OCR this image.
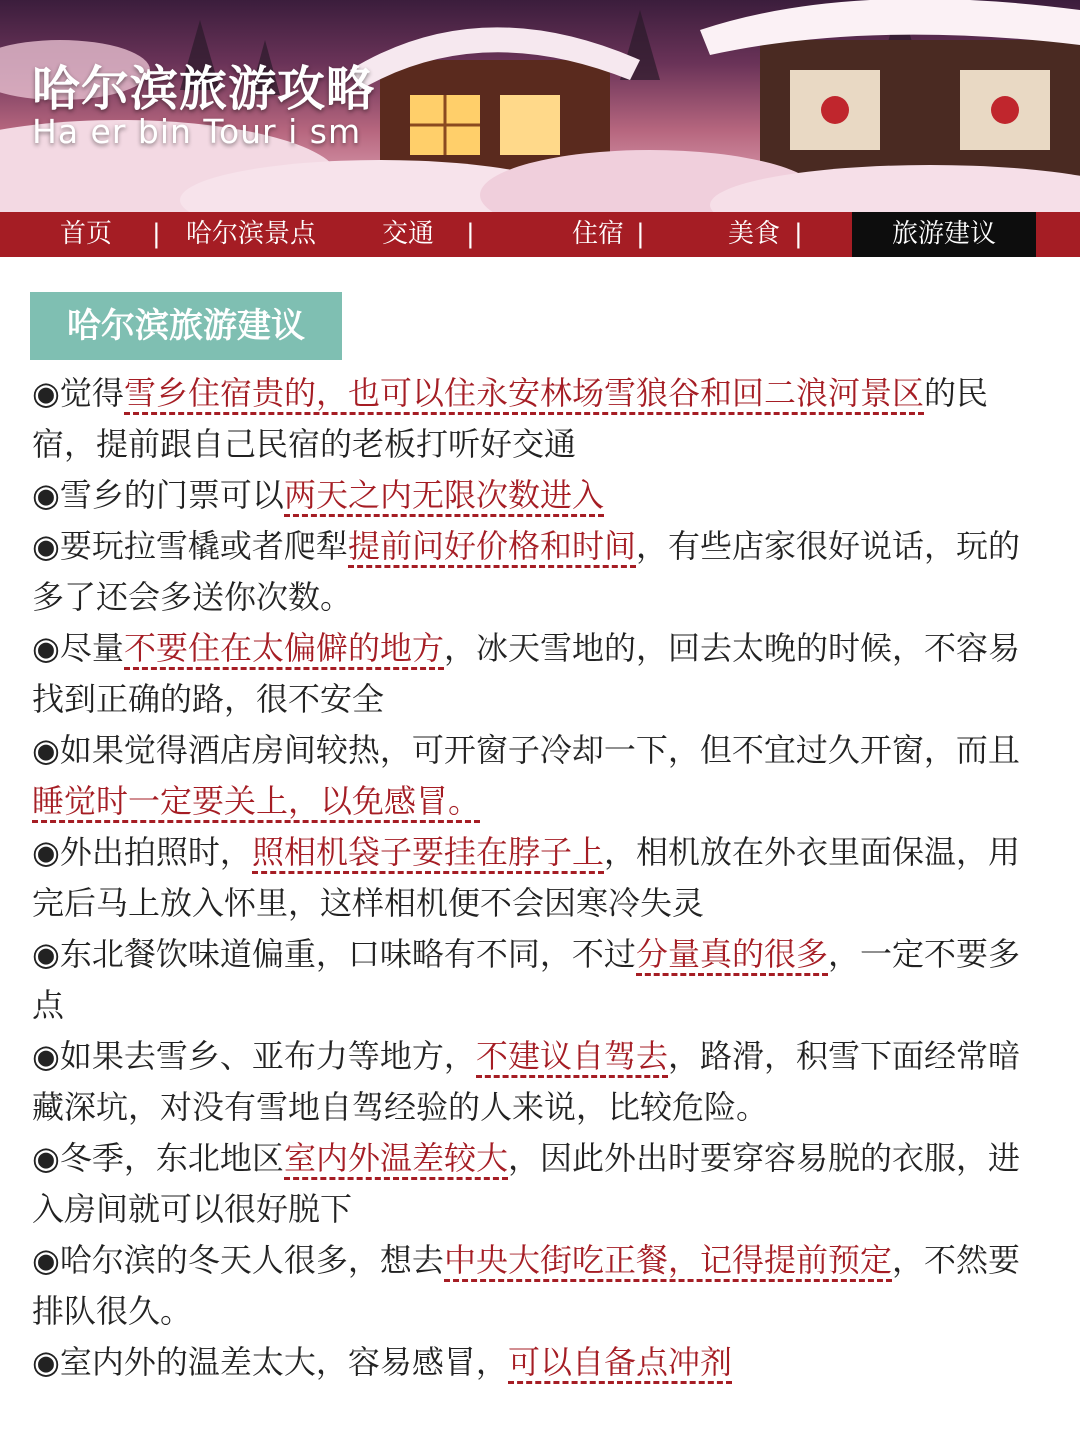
哈尔滨旅游攻略
Ha er bin Tour i sm
首页 | 哈尔滨景点	交通 |	住宿 |	美食 |	旅游建议
哈尔滨旅游建议

◉觉得雪乡住宿贵的，也可以住永安林场雪狼谷和回二浪河景区的民宿，提前跟自己民宿的老板打听好交通

◉雪乡的门票可以两天之内无限次数进入

◉要玩拉雪橇或者爬犁提前问好价格和时间，有些店家很好说话，玩的多了还会多送你次数。

◉尽量不要住在太偏僻的地方，冰天雪地的，回去太晚的时候，不容易找到正确的路，很不安全

◉如果觉得酒店房间较热，可开窗子冷却一下，但不宜过久开窗，而且睡觉时一定要关上，以免感冒。

◉外出拍照时，照相机袋子要挂在脖子上，相机放在外衣里面保温，用完后马上放入怀里，这样相机便不会因寒冷失灵

◉东北餐饮味道偏重，口味略有不同，不过分量真的很多，一定不要多点

◉如果去雪乡、亚布力等地方，不建议自驾去，路滑，积雪下面经常暗藏深坑，对没有雪地自驾经验的人来说，比较危险。

◉冬季，东北地区室内外温差较大，因此外出时要穿容易脱的衣服，进入房间就可以很好脱下

◉哈尔滨的冬天人很多，想去中央大街吃正餐，记得提前预定，不然要排队很久。

◉室内外的温差太大，容易感冒，可以自备点冲剂
